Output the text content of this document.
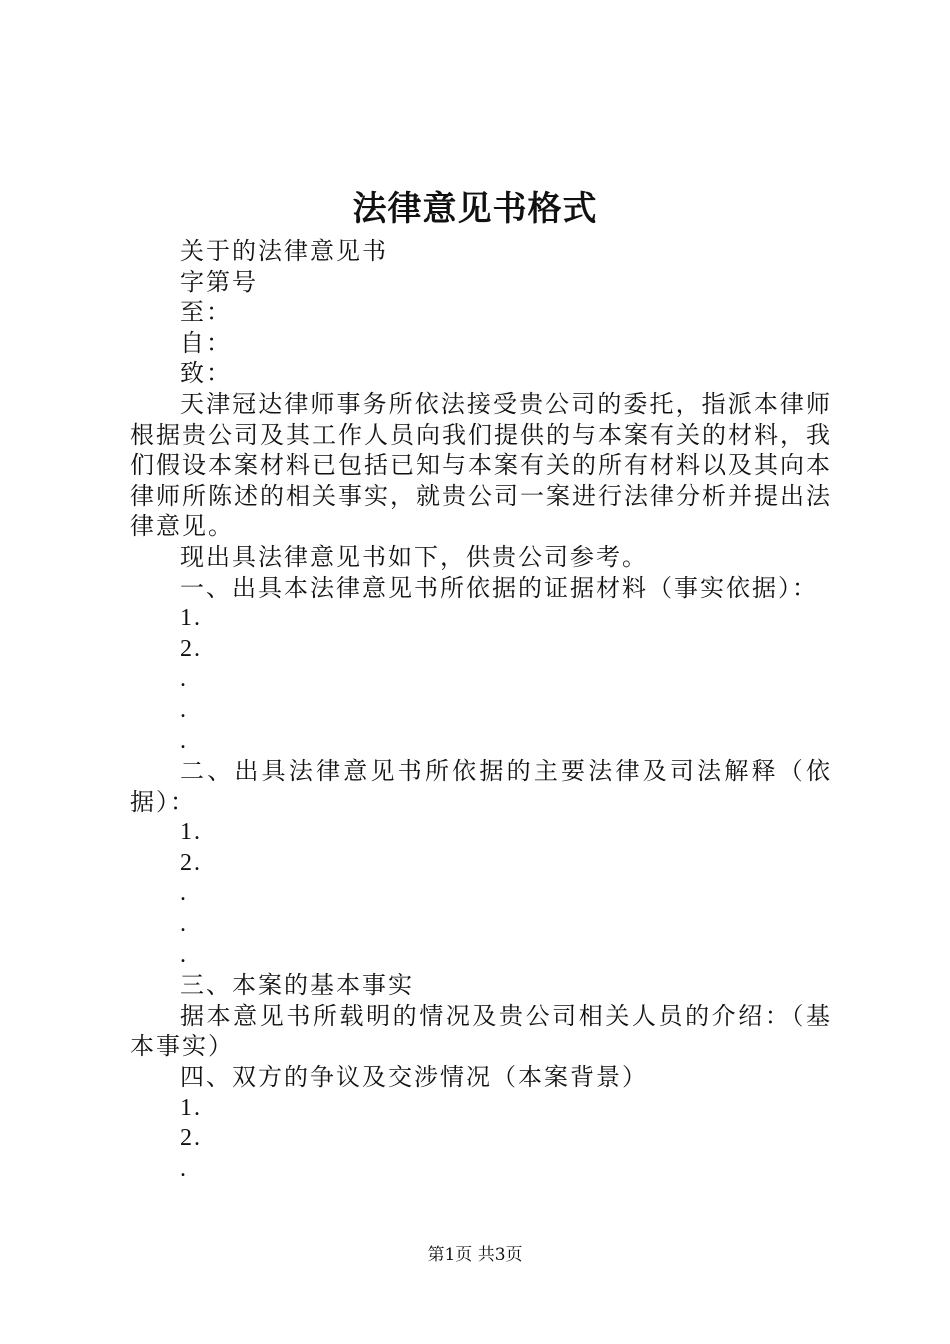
法律意见书格式

关于的法律意见书

字第号

至：

自：

致：

天津冠达律师事务所依法接受贵公司的委托，指派本律师根据贵公司及其工作人员向我们提供的与本案有关的材料，我们假设本案材料已包括已知与本案有关的所有材料以及其向本律师所陈述的相关事实，就贵公司一案进行法律分析并提出法律意见。

现出具法律意见书如下，供贵公司参考。

一、出具本法律意见书所依据的证据材料（事实依据）：

1.

2.

.

.

.

二、出具法律意见书所依据的主要法律及司法解释（依据）：

1.

2.

.

.

.

三、本案的基本事实

据本意见书所载明的情况及贵公司相关人员的介绍：（基本事实）

四、双方的争议及交涉情况（本案背景）

1.

2.

.

第1页 共3页
